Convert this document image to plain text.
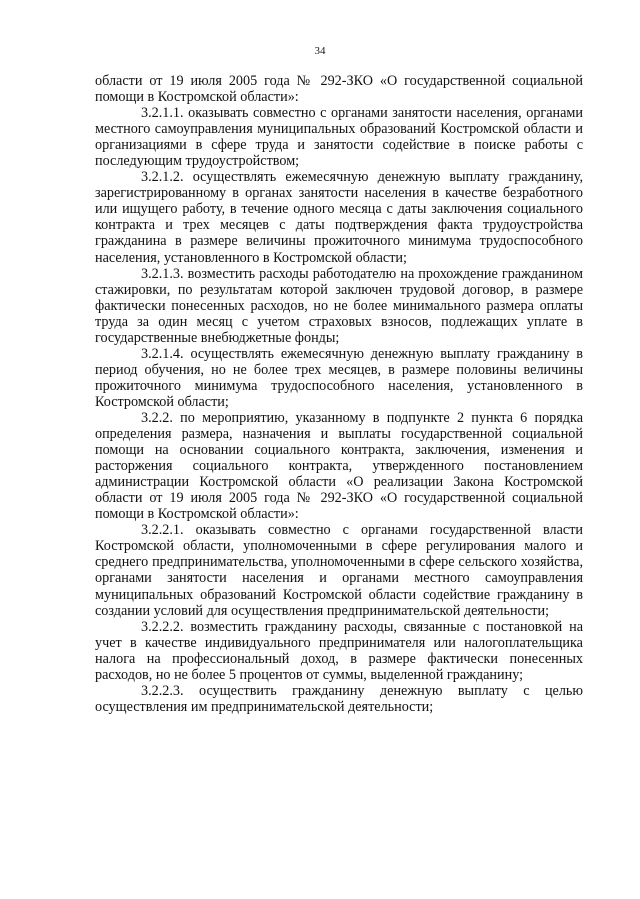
34

области от 19 июля 2005 года № 292-ЗКО «О государственной социальной помощи в Костромской области»:

3.2.1.1. оказывать совместно с органами занятости населения, органами местного самоуправления муниципальных образований Костромской области и организациями в сфере труда и занятости содействие в поиске работы с последующим трудоустройством;

3.2.1.2. осуществлять ежемесячную денежную выплату гражданину, зарегистрированному в органах занятости населения в качестве безработного или ищущего работу, в течение одного месяца с даты заключения социального контракта и трех месяцев с даты подтверждения факта трудоустройства гражданина в размере величины прожиточного минимума трудоспособного населения, установленного в Костромской области;

3.2.1.3. возместить расходы работодателю на прохождение гражданином стажировки, по результатам которой заключен трудовой договор, в размере фактически понесенных расходов, но не более минимального размера оплаты труда за один месяц с учетом страховых взносов, подлежащих уплате в государственные внебюджетные фонды;

3.2.1.4. осуществлять ежемесячную денежную выплату гражданину в период обучения, но не более трех месяцев, в размере половины величины прожиточного минимума трудоспособного населения, установленного в Костромской области;

3.2.2. по мероприятию, указанному в подпункте 2 пункта 6 порядка определения размера, назначения и выплаты государственной социальной помощи на основании социального контракта, заключения, изменения и расторжения социального контракта, утвержденного постановлением администрации Костромской области «О реализации Закона Костромской области от 19 июля 2005 года № 292-ЗКО «О государственной социальной помощи в Костромской области»:

3.2.2.1. оказывать совместно с органами государственной власти Костромской области, уполномоченными в сфере регулирования малого и среднего предпринимательства, уполномоченными в сфере сельского хозяйства, органами занятости населения и органами местного самоуправления муниципальных образований Костромской области содействие гражданину в создании условий для осуществления предпринимательской деятельности;

3.2.2.2. возместить гражданину расходы, связанные с постановкой на учет в качестве индивидуального предпринимателя или налогоплательщика налога на профессиональный доход, в размере фактически понесенных расходов, но не более 5 процентов от суммы, выделенной гражданину;

3.2.2.3. осуществить гражданину денежную выплату с целью осуществления им предпринимательской деятельности;
